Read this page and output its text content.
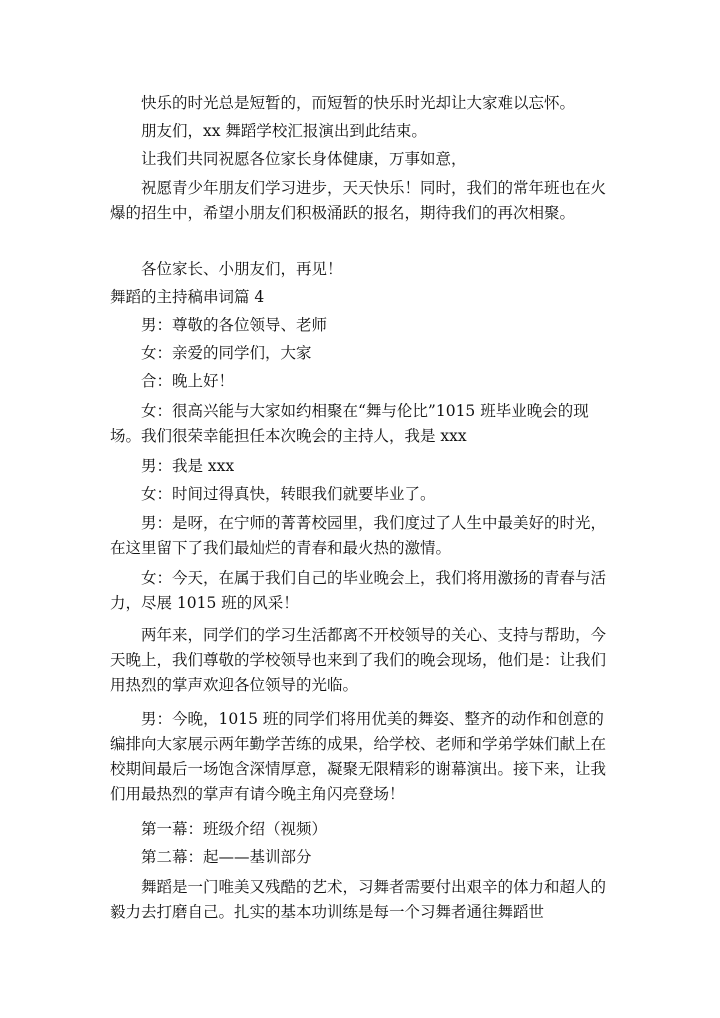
快乐的时光总是短暂的，而短暂的快乐时光却让大家难以忘怀。

朋友们，xx 舞蹈学校汇报演出到此结束。

让我们共同祝愿各位家长身体健康，万事如意，

祝愿青少年朋友们学习进步，天天快乐！同时，我们的常年班也在火爆的招生中，希望小朋友们积极涌跃的报名，期待我们的再次相聚。

各位家长、小朋友们，再见！

舞蹈的主持稿串词篇 4

男：尊敬的各位领导、老师

女：亲爱的同学们，大家

合：晚上好！

女：很高兴能与大家如约相聚在“舞与伦比”1015 班毕业晚会的现场。我们很荣幸能担任本次晚会的主持人，我是 xxx

男：我是 xxx

女：时间过得真快，转眼我们就要毕业了。

男：是呀，在宁师的菁菁校园里，我们度过了人生中最美好的时光，在这里留下了我们最灿烂的青春和最火热的激情。

女：今天，在属于我们自己的毕业晚会上，我们将用激扬的青春与活力，尽展 1015 班的风采！

两年来，同学们的学习生活都离不开校领导的关心、支持与帮助，今天晚上，我们尊敬的学校领导也来到了我们的晚会现场，他们是：让我们用热烈的掌声欢迎各位领导的光临。

男：今晚，1015 班的同学们将用优美的舞姿、整齐的动作和创意的编排向大家展示两年勤学苦练的成果，给学校、老师和学弟学妹们献上在校期间最后一场饱含深情厚意，凝聚无限精彩的谢幕演出。接下来，让我们用最热烈的掌声有请今晚主角闪亮登场！

第一幕：班级介绍（视频）

第二幕：起——基训部分

舞蹈是一门唯美又残酷的艺术，习舞者需要付出艰辛的体力和超人的毅力去打磨自己。扎实的基本功训练是每一个习舞者通往舞蹈世
